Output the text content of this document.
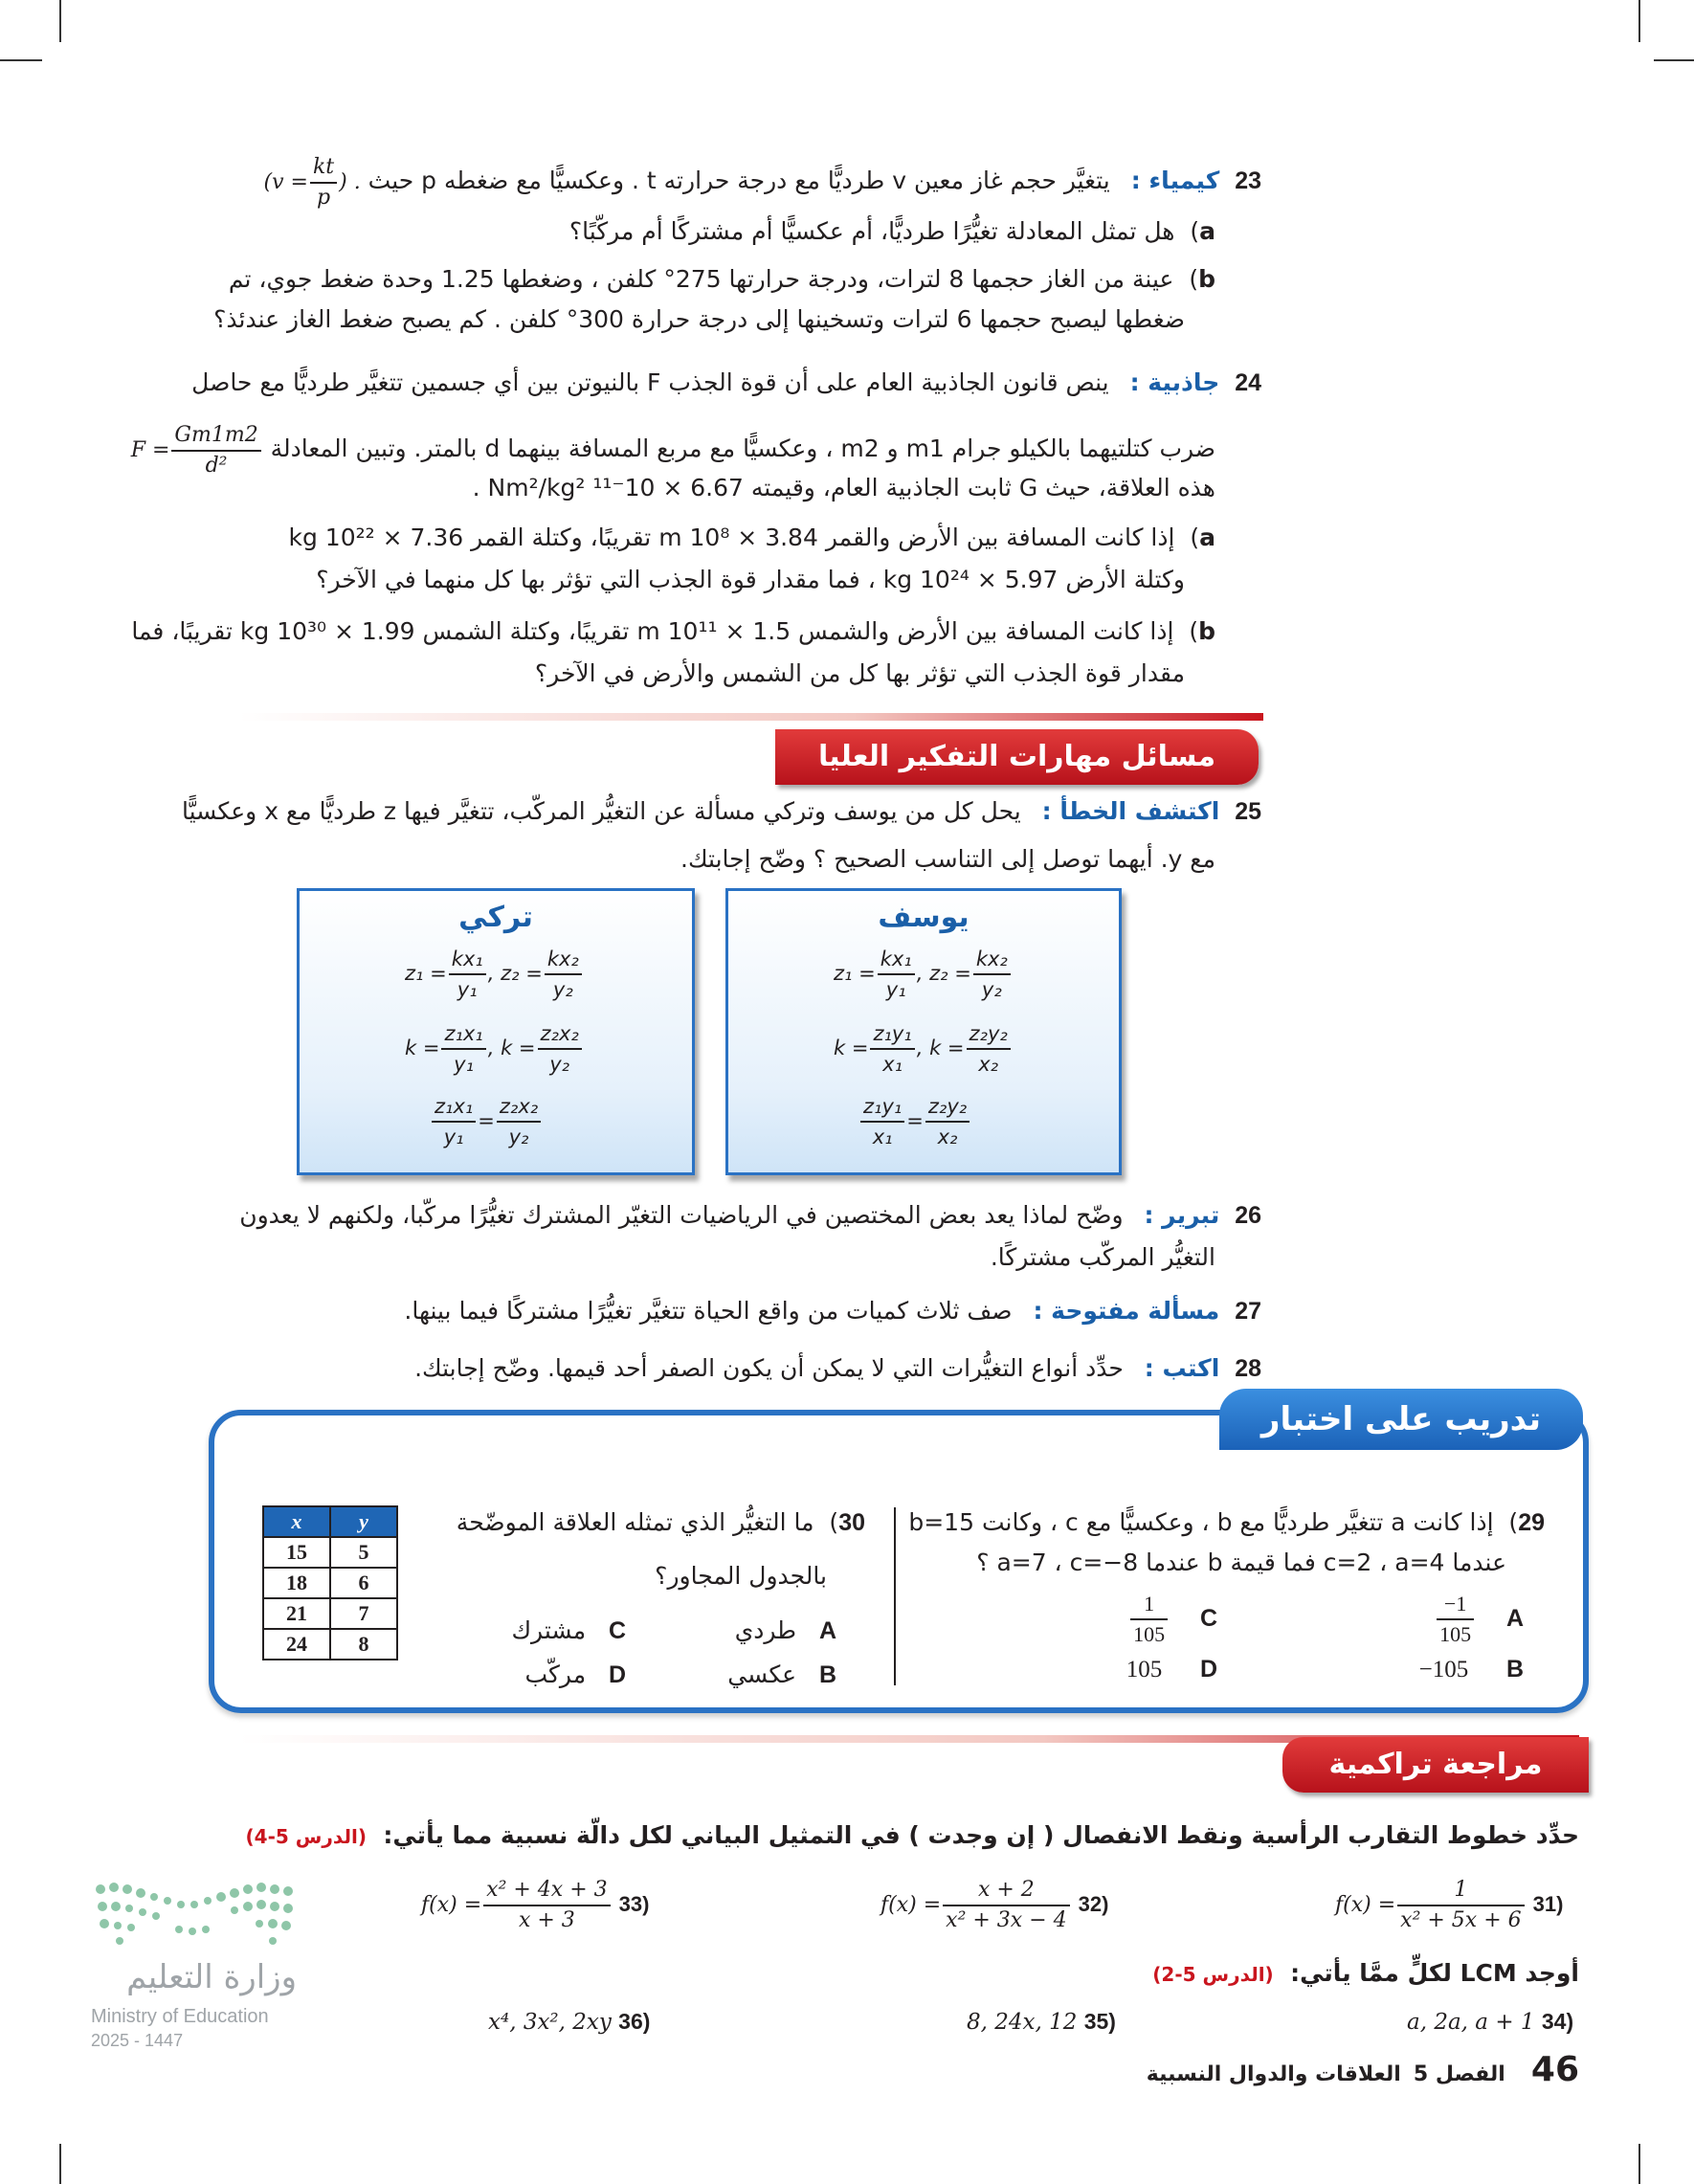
23  كيمياء : يتغيَّر حجم غاز معين v طرديًّا مع درجة حرارته t . وعكسيًّا مع ضغطه p حيث ($v = \frac{kt}{p}$ ) .
a)  هل تمثل المعادلة تغيُّرًا طرديًّا، أم عكسيًّا أم مشتركًا أم مركّبًا؟
b)  عينة من الغاز حجمها 8 لترات، ودرجة حرارتها 275° كلفن ، وضغطها 1.25 وحدة ضغط جوي، تم
ضغطها ليصبح حجمها 6 لترات وتسخينها إلى درجة حرارة 300° كلفن . كم يصبح ضغط الغاز عندئذ؟
24  جاذبية : ينص قانون الجاذبية العام على أن قوة الجذب F بالنيوتن بين أي جسمين تتغيَّر طرديًّا مع حاصل
ضرب كتلتيهما بالكيلو جرام m1 و m2 ، وعكسيًّا مع مربع المسافة بينهما d بالمتر. وتبين المعادلة $F = \frac{Gm1m2}{\text{d²}}$
هذه العلاقة، حيث G ثابت الجاذبية العام، وقيمته 6.67 × 10⁻¹¹ Nm²/kg² .
a)  إذا كانت المسافة بين الأرض والقمر 3.84 × 10⁸ m تقريبًا، وكتلة القمر 7.36 × 10²² kg
وكتلة الأرض 5.97 × 10²⁴ kg ، فما مقدار قوة الجذب التي تؤثر بها كل منهما في الآخر؟
b)  إذا كانت المسافة بين الأرض والشمس 1.5 × 10¹¹ m تقريبًا، وكتلة الشمس 1.99 × 10³⁰ kg تقريبًا، فما
مقدار قوة الجذب التي تؤثر بها كل من الشمس والأرض في الآخر؟
مسائل مهارات التفكير العليا
25  اكتشف الخطأ : يحل كل من يوسف وتركي مسألة عن التغيُّر المركّب، تتغيَّر فيها z طرديًّا مع x وعكسيًّا
مع y. أيهما توصل إلى التناسب الصحيح ؟ وضّح إجابتك.
يوسف
$z_1 = \frac{\text{kx₁}}{\text{y₁}}$ , $z_2 = \frac{\text{kx₂}}{\text{y₂}}$
$k = \frac{\text{z₁y₁}}{\text{x₁}}$ , $k = \frac{\text{z₂y₂}}{\text{x₂}}$
$\frac{\text{z₁y₁}}{\text{x₁}} = \frac{\text{z₂y₂}}{\text{x₂}}$
تركي
$z_1 = \frac{\text{kx₁}}{\text{y₁}}$ , $z_2 = \frac{\text{kx₂}}{\text{y₂}}$
$k = \frac{\text{z₁x₁}}{\text{y₁}}$ , $k = \frac{\text{z₂x₂}}{\text{y₂}}$
$\frac{\text{z₁x₁}}{\text{y₁}} = \frac{\text{z₂x₂}}{\text{y₂}}$
26  تبرير : وضّح لماذا يعد بعض المختصين في الرياضيات التغيّر المشترك تغيُّرًا مركّبا، ولكنهم لا يعدون
التغيُّر المركّب مشتركًا.
27  مسألة مفتوحة : صف ثلاث كميات من واقع الحياة تتغيَّر تغيُّرًا مشتركًا فيما بينها.
28  اكتب : حدِّد أنواع التغيُّرات التي لا يمكن أن يكون الصفر أحد قيمها. وضّح إجابتك.
تدريب على اختبار
29)  إذا كانت a تتغيَّر طرديًّا مع b ، وعكسيًّا مع c ، وكانت b=15
عندما c=2 ، a=4 فما قيمة b عندما a=7 ، c=−8 ؟
$\frac{-1}{105}$ A
−105 B
$\frac{1}{105}$ C
105 D
30)  ما التغيُّر الذي تمثله العلاقة الموضّحة
بالجدول المجاور؟
طردي A
عكسي B
مشترك C
مركّب D
x	y
15	5
18	6
21	7
24	8
مراجعة تراكمية
حدِّد خطوط التقارب الرأسية ونقط الانفصال ( إن وجدت ) في التمثيل البياني لكل دالّة نسبية مما يأتي:  (الدرس 5-4)
$f(x) = \frac{1}{\text{x² + 5x + 6}} 31$)
$f(x) = \frac{x + 2}{\text{x² + 3x − 4}} 32$)
$f(x) = \frac{\text{x² + 4x + 3}}{x + 3} 33$)
أوجد LCM لكلٍّ ممَّا يأتي:  (الدرس 5-2)
a, 2a, a + 1 34)
8, 24x, 12 35)
x⁴, 3x², 2xy 36)
46 الفصل 5 العلاقات والدوال النسبية
وزارة التعليم
Ministry of Education
2025 - 1447
